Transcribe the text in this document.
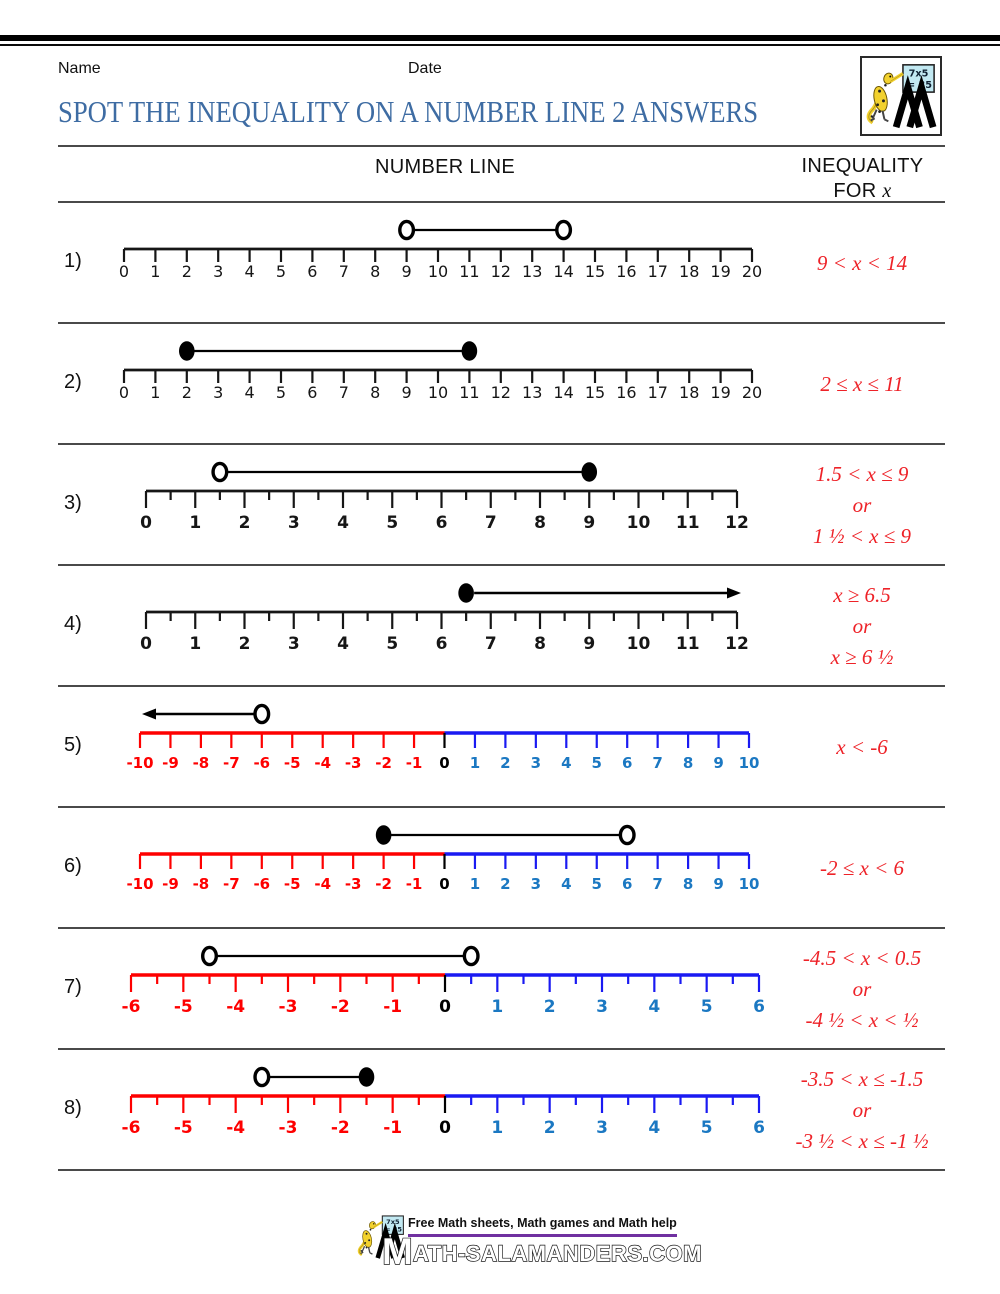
Name	Date
SPOT THE INEQUALITY ON A NUMBER LINE 2 ANSWERS
NUMBER LINE	INEQUALITY
FOR x
1) 0 1 2 3 4 5 6 7 8 9 10 11 12 13 14 15 16 17 18 19 20	9 < x < 14
2) 0 1 2 3 4 5 6 7 8 9 10 11 12 13 14 15 16 17 18 19 20	2 ≤ x ≤ 11
3)
0 1 2 3 4 5 6 7 8 9 10 11 12
1.5 < x ≤ 9
or
1 ½ < x ≤ 9
4)
0 1 2 3 4 5 6 7 8 9 10 11 12
x ≥ 6.5
or
x ≥ 6 ½
5)
-10 -9 -8 -7 -6 -5 -4 -3 -2 -1 0 1 2 3 4 5 6 7 8 9 10
x < -6
6)
-10 -9 -8 -7 -6 -5 -4 -3 -2 -1 0 1 2 3 4 5 6 7 8 9 10
-2 ≤ x < 6
7)
-6 -5 -4 -3 -2 -1 0 1 2 3 4 5 6
-4.5 < x < 0.5
or
-4 ½ < x < ½
8)
-6 -5 -4 -3 -2 -1 0 1 2 3 4 5 6
-3.5 < x ≤ -1.5
or
-3 ½ < x ≤ -1 ½
Free Math sheets, Math games and Math help
M ATH-SALAMANDERS.COM
